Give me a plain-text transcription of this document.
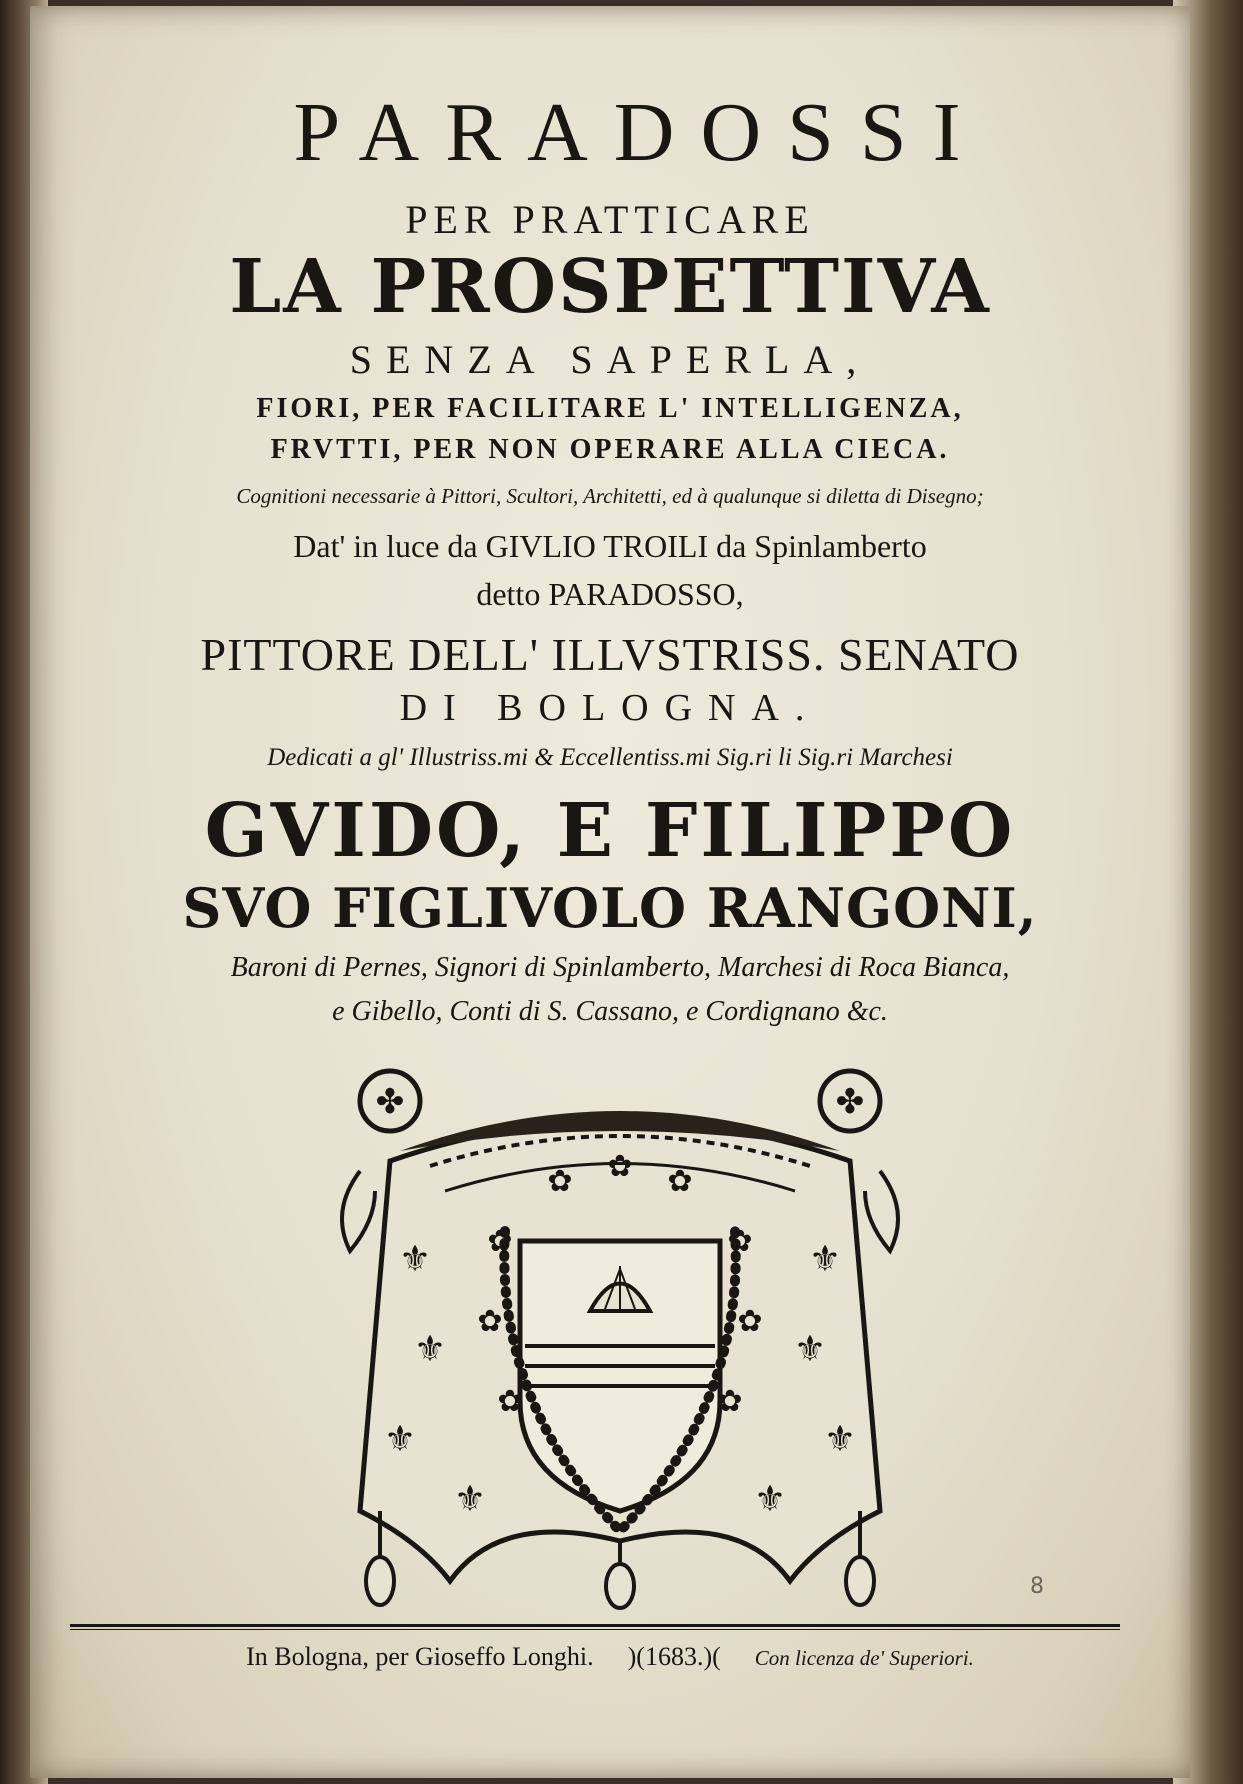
PARADOSSI
PER PRATTICARE
LA PROSPETTIVA
SENZA SAPERLA,
FIORI, PER FACILITARE L' INTELLIGENZA,
FRVTTI, PER NON OPERARE ALLA CIECA.
Cognitioni necessarie à Pittori, Scultori, Architetti, ed à qualunque si diletta di Disegno;
Dat' in luce da GIVLIO TROILI da Spinlamberto
detto PARADOSSO,
PITTORE DELL' ILLVSTRISS. SENATO
DI BOLOGNA.
Dedicati a gl' Illustriss.mi & Eccellentiss.mi Sig.ri li Sig.ri Marchesi
GVIDO, E FILIPPO
SVO FIGLIVOLO RANGONI,
Baroni di Pernes, Signori di Spinlamberto, Marchesi di Roca Bianca,
e Gibello, Conti di S. Cassano, e Cordignano &c.
✤	✤
⚜
⚜
⚜
⚜
⚜
⚜
⚜
⚜
✿	✿
✿	✿
✿	✿
✿	✿
✿
8
In Bologna, per Gioseffo Longhi. )(1683.)( Con licenza de' Superiori.
